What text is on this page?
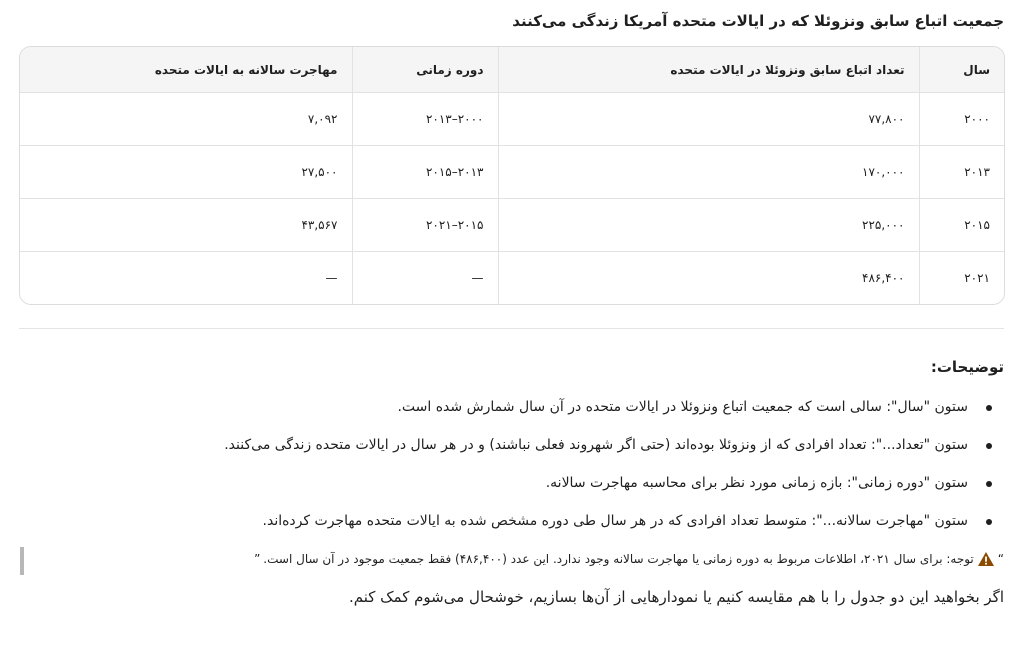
جمعیت اتباع سابق ونزوئلا که در ایالات متحده آمریکا زندگی می‌کنند
سال	تعداد اتباع سابق ونزوئلا در ایالات متحده	دوره زمانی	مهاجرت سالانه به ایالات متحده
۲۰۰۰	۷۷,۸۰۰	۲۰۰۰–۲۰۱۳	۷,۰۹۲
۲۰۱۳	۱۷۰,۰۰۰	۲۰۱۳–۲۰۱۵	۲۷,۵۰۰
۲۰۱۵	۲۲۵,۰۰۰	۲۰۱۵–۲۰۲۱	۴۳,۵۶۷
۲۰۲۱	۴۸۶,۴۰۰	—	—
توضیحات:
ستون "سال": سالی است که جمعیت اتباع ونزوئلا در ایالات متحده در آن سال شمارش شده است.
ستون "تعداد...": تعداد افرادی که از ونزوئلا بوده‌اند (حتی اگر شهروند فعلی نباشند) و در هر سال در ایالات متحده زندگی می‌کنند.
ستون "دوره زمانی": بازه زمانی مورد نظر برای محاسبه مهاجرت سالانه.
ستون "مهاجرت سالانه...": متوسط تعداد افرادی که در هر سال طی دوره مشخص شده به ایالات متحده مهاجرت کرده‌اند.
“
توجه: برای سال ۲۰۲۱، اطلاعات مربوط به دوره زمانی یا مهاجرت سالانه وجود ندارد. این عدد (۴۸۶,۴۰۰) فقط جمعیت موجود در آن سال است.
”
اگر بخواهید این دو جدول را با هم مقایسه کنیم یا نمودارهایی از آن‌ها بسازیم، خوشحال می‌شوم کمک کنم.
